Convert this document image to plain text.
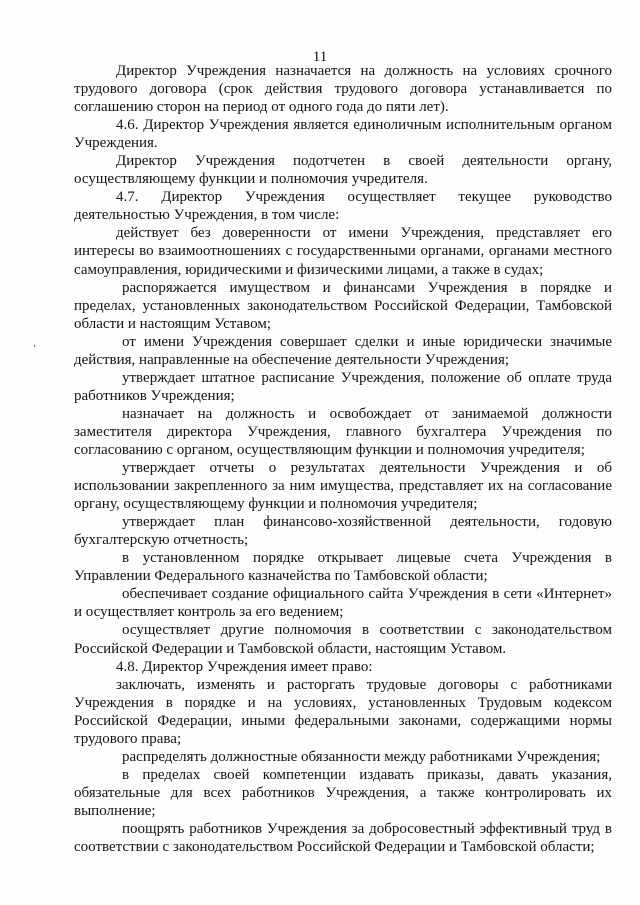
11

Директор Учреждения назначается на должность на условиях срочного трудового договора (срок действия трудового договора устанавливается по соглашению сторон на период от одного года до пяти лет).

4.6. Директор Учреждения является единоличным исполнительным органом Учреждения.

Директор Учреждения подотчетен в своей деятельности органу, осуществляющему функции и полномочия учредителя.

4.7. Директор Учреждения осуществляет текущее руководство деятельностью Учреждения, в том числе:

действует без доверенности от имени Учреждения, представляет его интересы во взаимоотношениях с государственными органами, органами местного самоуправления, юридическими и физическими лицами, а также в судах;

распоряжается имуществом и финансами Учреждения в порядке и пределах, установленных законодательством Российской Федерации, Тамбовской области и настоящим Уставом;

от имени Учреждения совершает сделки и иные юридически значимые действия, направленные на обеспечение деятельности Учреждения;

утверждает штатное расписание Учреждения, положение об оплате труда работников Учреждения;

назначает на должность и освобождает от занимаемой должности заместителя директора Учреждения, главного бухгалтера Учреждения по согласованию с органом, осуществляющим функции и полномочия учредителя;

утверждает отчеты о результатах деятельности Учреждения и об использовании закрепленного за ним имущества, представляет их на согласование органу, осуществляющему функции и полномочия учредителя;

утверждает план финансово-хозяйственной деятельности, годовую бухгалтерскую отчетность;

в установленном порядке открывает лицевые счета Учреждения в Управлении Федерального казначейства по Тамбовской области;

обеспечивает создание официального сайта Учреждения в сети «Интернет» и осуществляет контроль за его ведением;

осуществляет другие полномочия в соответствии с законодательством Российской Федерации и Тамбовской области, настоящим Уставом.

4.8. Директор Учреждения имеет право:

заключать, изменять и расторгать трудовые договоры с работниками Учреждения в порядке и на условиях, установленных Трудовым кодексом Российской Федерации, иными федеральными законами, содержащими нормы трудового права;

распределять должностные обязанности между работниками Учреждения;

в пределах своей компетенции издавать приказы, давать указания, обязательные для всех работников Учреждения, а также контролировать их выполнение;

поощрять работников Учреждения за добросовестный эффективный труд в соответствии с законодательством Российской Федерации и Тамбовской области;
